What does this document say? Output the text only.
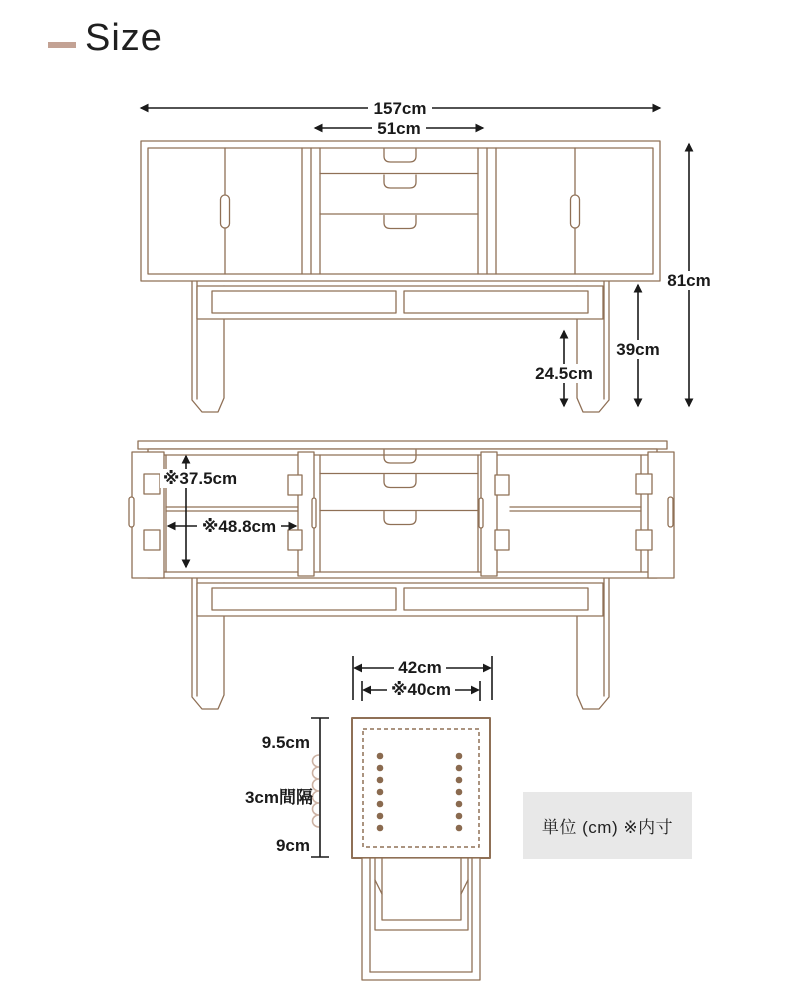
Size
157cm
51cm
81cm
39cm
24.5cm
※37.5cm
※48.8cm
42cm
※40cm
9.5cm
3cm間隔
9cm
単位 (cm) ※内寸
